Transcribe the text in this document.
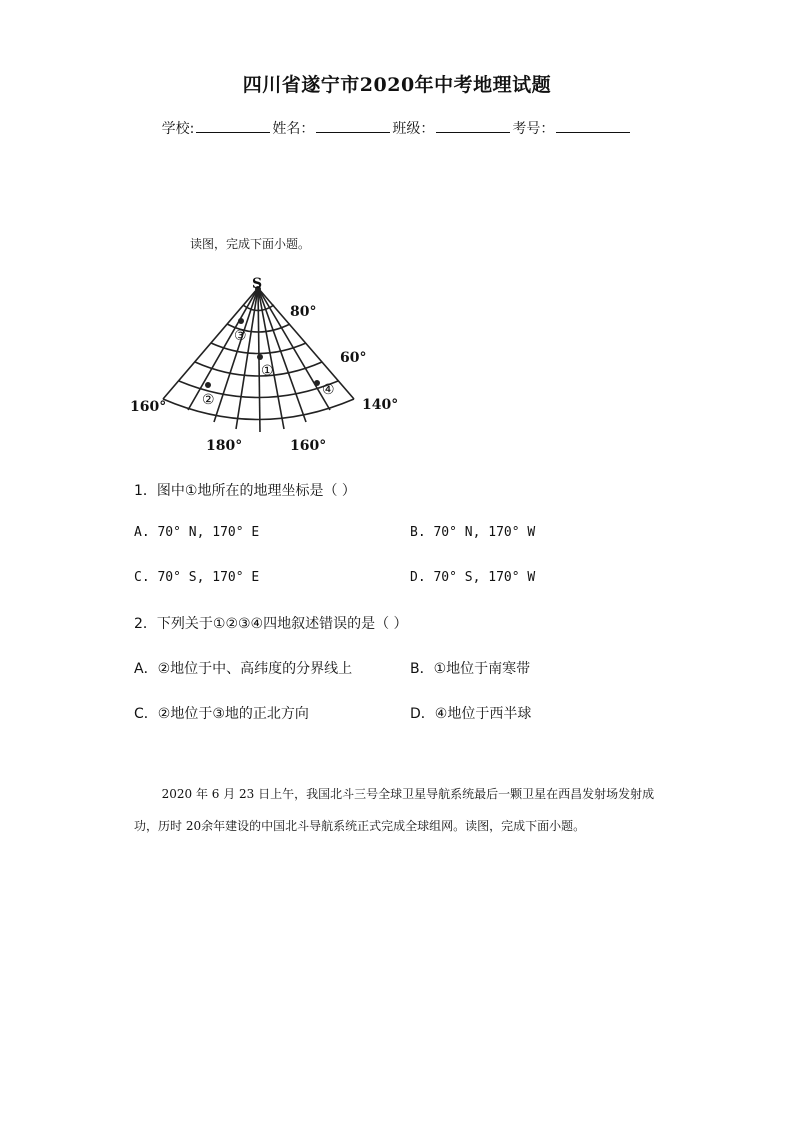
四川省遂宁市2020年中考地理试题
学校:	姓名：	班级：	考号：
读图，完成下面小题。
S
80°
60°
160°	140°
180°	160°
③
①
②
④
1．图中①地所在的地理坐标是（ ）
A. 70° N, 170° E	B. 70° N, 170° W
C. 70° S, 170° E	D. 70° S, 170° W
2．下列关于①②③④四地叙述错误的是（ ）
A．②地位于中、高纬度的分界线上	B．①地位于南寒带
C．②地位于③地的正北方向	D．④地位于西半球
2020 年 6 月 23 日上午，我国北斗三号全球卫星导航系统最后一颗卫星在西昌发射场发射成功，历时 20余年建设的中国北斗导航系统正式完成全球组网。读图，完成下面小题。
